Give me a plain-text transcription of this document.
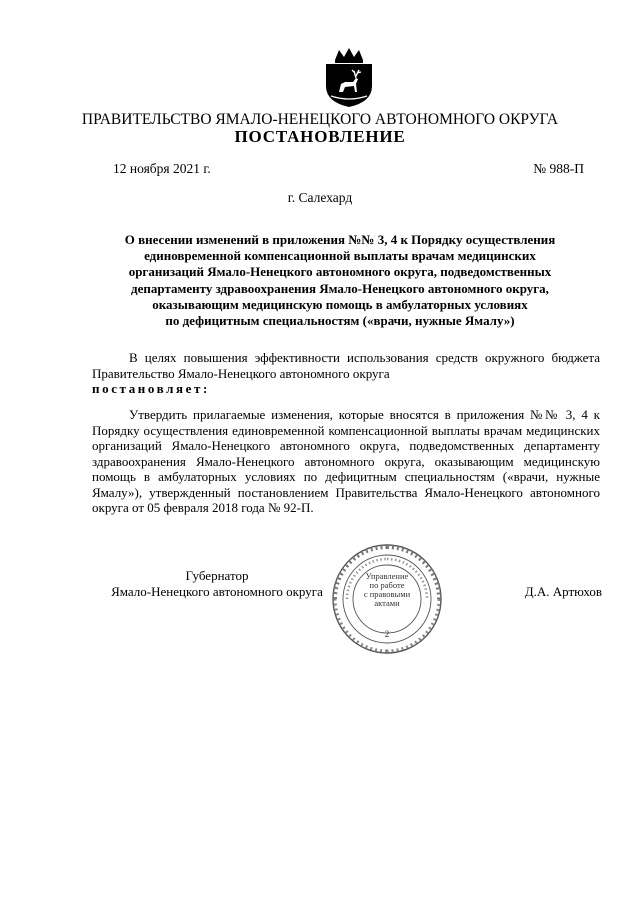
ПРАВИТЕЛЬСТВО ЯМАЛО-НЕНЕЦКОГО АВТОНОМНОГО ОКРУГА
ПОСТАНОВЛЕНИЕ
12 ноября 2021 г.	№ 988-П
г. Салехард
О внесении изменений в приложения №№ 3, 4 к Порядку осуществления
единовременной компенсационной выплаты врачам медицинских
организаций Ямало-Ненецкого автономного округа, подведомственных
департаменту здравоохранения Ямало-Ненецкого автономного округа,
оказывающим медицинскую помощь в амбулаторных условиях
по дефицитным специальностям («врачи, нужные Ямалу»)
В целях повышения эффективности использования средств окружного бюджета Правительство Ямало-Ненецкого автономного округа
постановляет:
Утвердить прилагаемые изменения, которые вносятся в приложения №№ 3, 4 к Порядку осуществления единовременной компенсационной выплаты врачам медицинских организаций Ямало-Ненецкого автономного округа, подведомственных департаменту здравоохранения Ямало-Ненецкого автономного округа, оказывающим медицинскую помощь в амбулаторных условиях по дефицитным специальностям («врачи, нужные Ямалу»), утвержденный постановлением Правительства Ямало-Ненецкого автономного округа от 05 февраля 2018 года № 92-П.
Губернатор
Ямало-Ненецкого автономного округа
Управление
по работе
с правовыми
актами
2
Д.А. Артюхов
